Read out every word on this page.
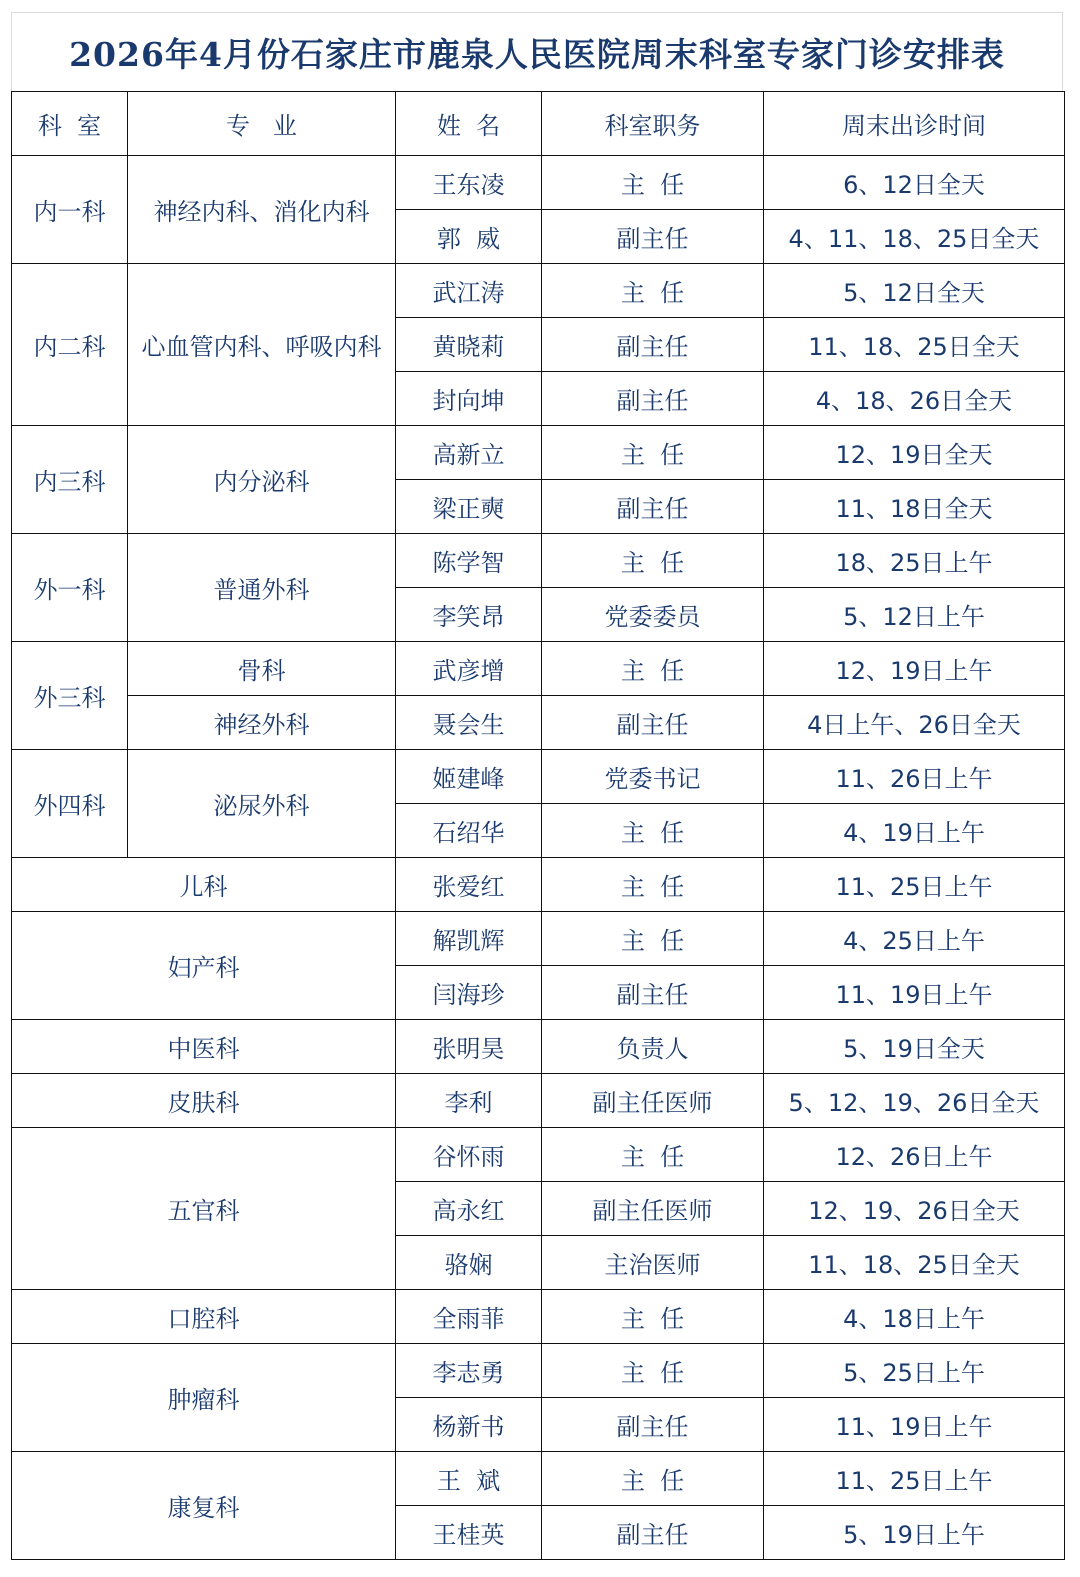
2026年4月份石家庄市鹿泉人民医院周末科室专家门诊安排表
科  室	专   业	姓  名	科室职务	周末出诊时间
内一科	神经内科、消化内科	王东凌	主  任	6、12日全天
		郭  威	副主任	4、11、18、25日全天
内二科	心血管内科、呼吸内科	武江涛	主  任	5、12日全天
		黄晓莉	副主任	11、18、25日全天
		封向坤	副主任	4、18、26日全天
内三科	内分泌科	高新立	主  任	12、19日全天
		梁正奭	副主任	11、18日全天
外一科	普通外科	陈学智	主  任	18、25日上午
		李笑昂	党委委员	5、12日上午
外三科	骨科	武彦增	主  任	12、19日上午
	神经外科	聂会生	副主任	4日上午、26日全天
外四科	泌尿外科	姬建峰	党委书记	11、26日上午
		石绍华	主  任	4、19日上午
儿科		张爱红	主  任	11、25日上午
妇产科		解凯辉	主  任	4、25日上午
		闫海珍	副主任	11、19日上午
中医科		张明昊	负责人	5、19日全天
皮肤科		李利	副主任医师	5、12、19、26日全天
五官科		谷怀雨	主  任	12、26日上午
		高永红	副主任医师	12、19、26日全天
		骆娴	主治医师	11、18、25日全天
口腔科		全雨菲	主  任	4、18日上午
肿瘤科		李志勇	主  任	5、25日上午
		杨新书	副主任	11、19日上午
康复科		王  斌	主  任	11、25日上午
		王桂英	副主任	5、19日上午
